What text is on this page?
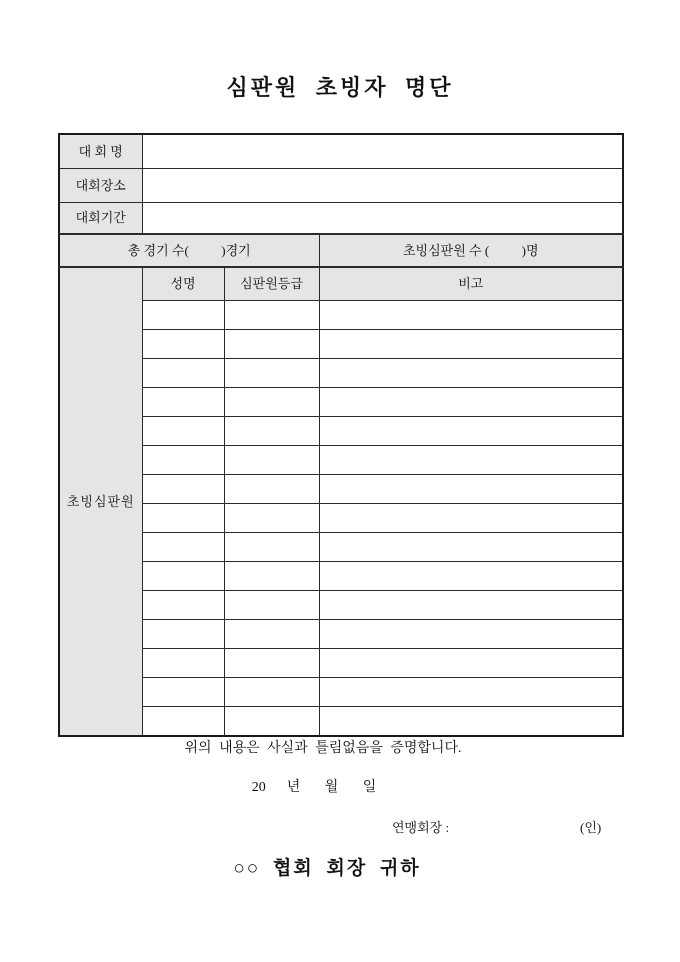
심판원 초빙자 명단
대 회 명			
대회장소			
대회기간			
총 경기 수(          )경기			초빙심판원 수 (          )명
초빙심판원	성명	심판원등급	비고

위의 내용은 사실과 틀림없음을 증명합니다.
20      년       월       일
연맹회장 :	(인)
○○ 협회 회장 귀하
